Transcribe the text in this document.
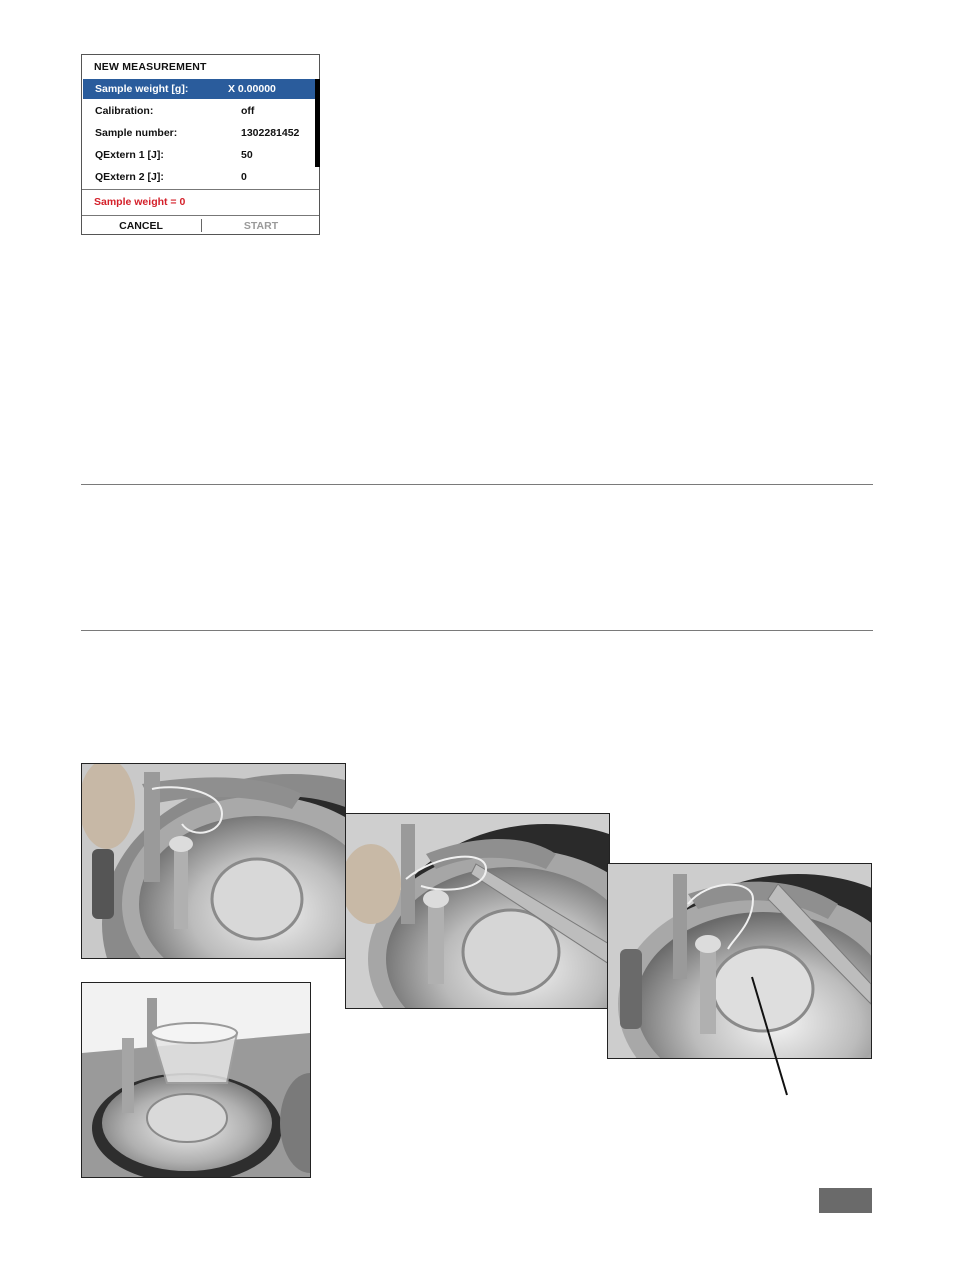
NEW MEASUREMENT
Sample weight [g]:	X 0.00000
Calibration:	off
Sample number:	1302281452
QExtern 1 [J]:	50
QExtern 2 [J]:	0
Sample weight = 0
CANCEL	START
